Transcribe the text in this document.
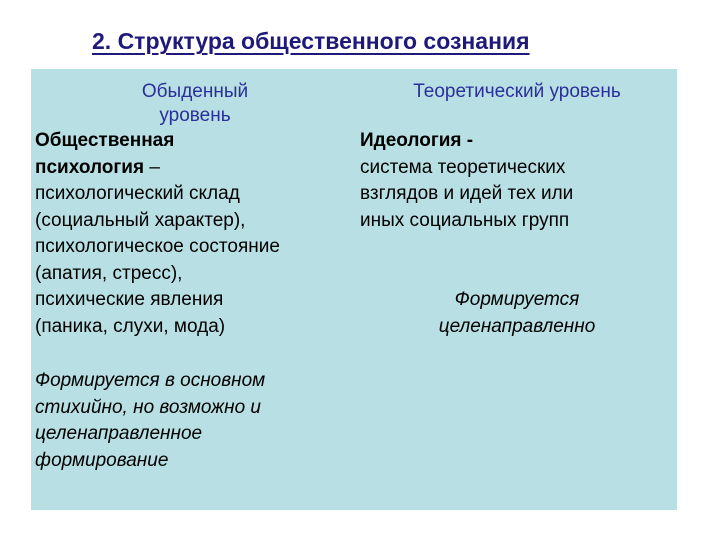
2. Структура общественного сознания
Обыденный
уровень
Общественная
психология –
психологический склад
(социальный характер),
психологическое состояние
(апатия, стресс),
психические явления
(паника, слухи, мода)
Формируется в основном
стихийно, но возможно и
целенаправленное
формирование
Теоретический уровень
Идеология -
система теоретических
взглядов и идей тех или
иных социальных групп
Формируется
целенаправленно
